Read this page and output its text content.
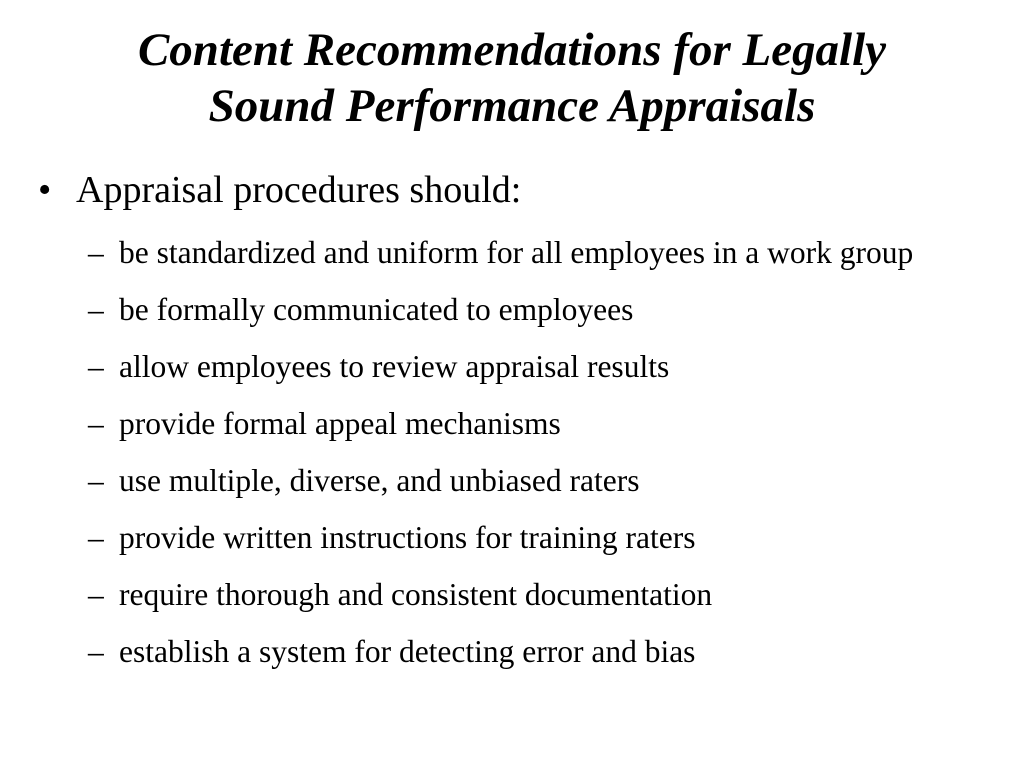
Content Recommendations for Legally
Sound Performance Appraisals
• Appraisal procedures should:
– be standardized and uniform for all employees in a work group
– be formally communicated to employees
– allow employees to review appraisal results
– provide formal appeal mechanisms
– use multiple, diverse, and unbiased raters
– provide written instructions for training raters
– require thorough and consistent documentation
– establish a system for detecting error and bias
